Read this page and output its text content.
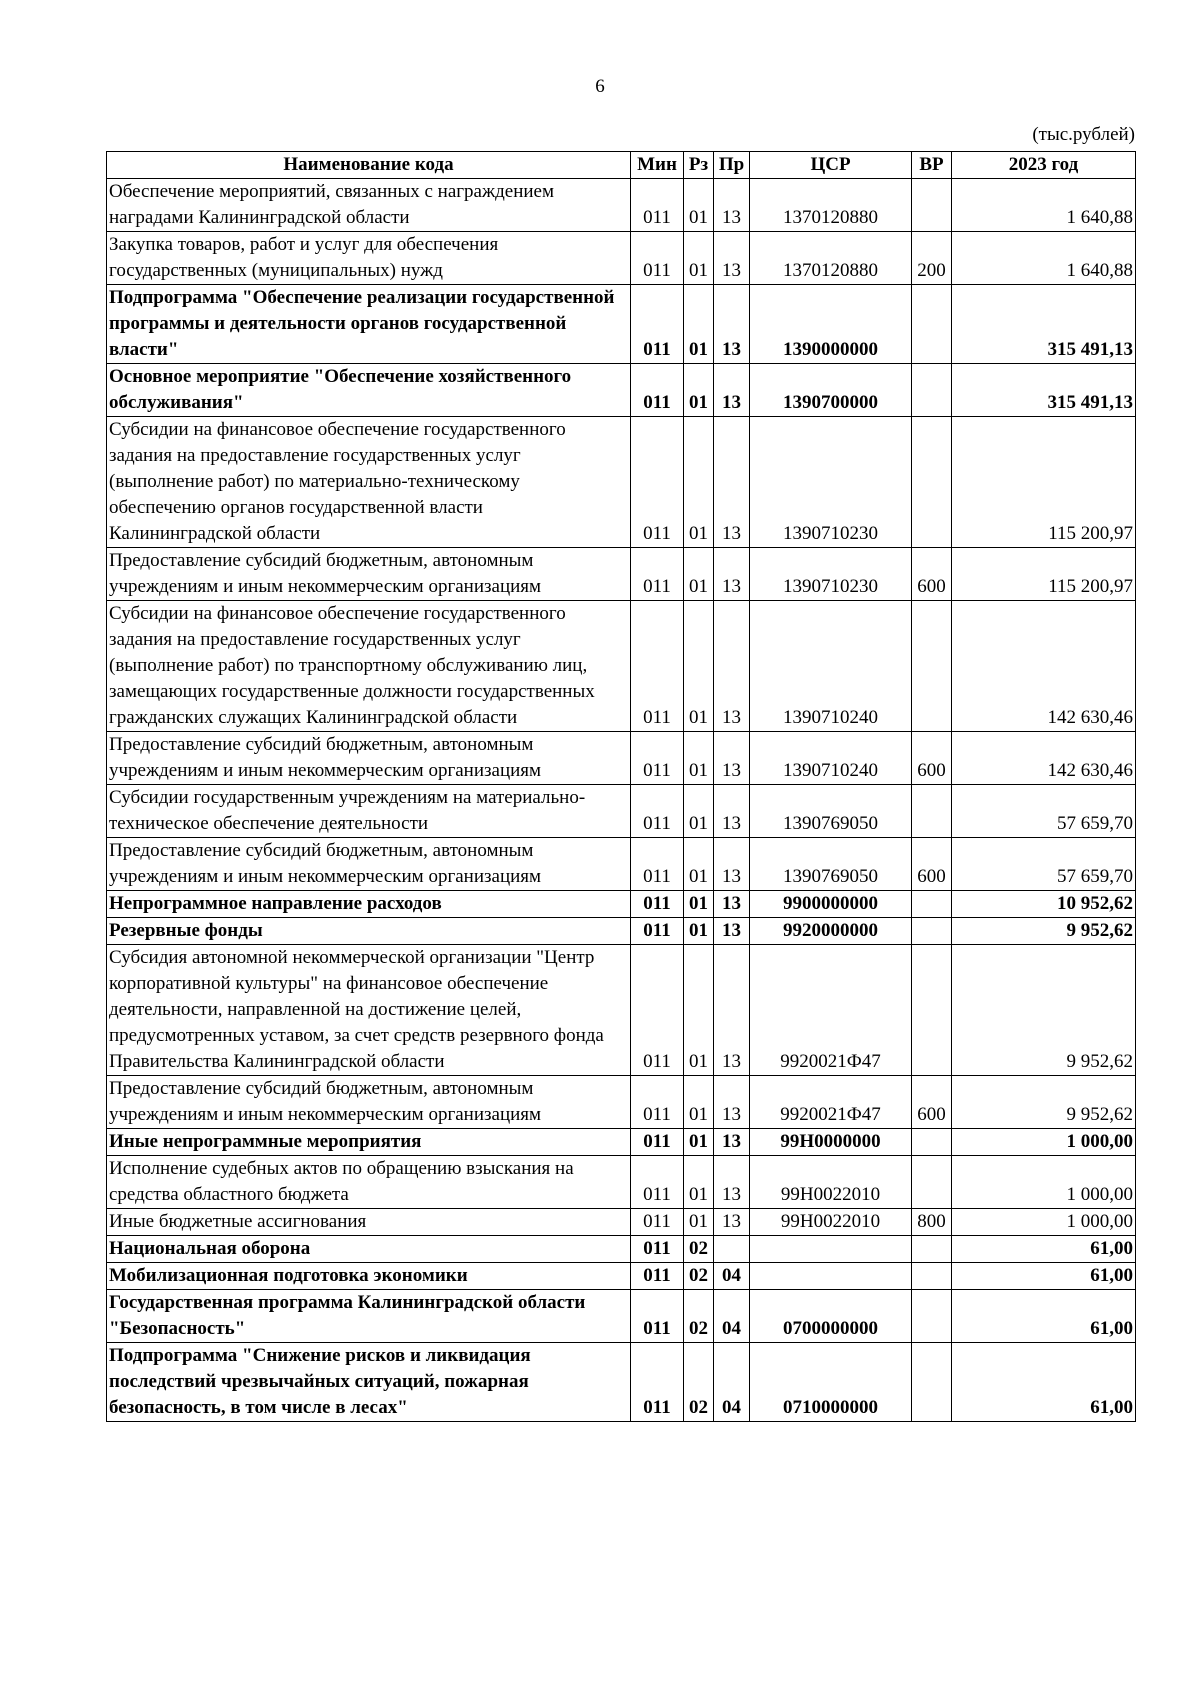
6
(тыс.рублей)
Наименование кода	Мин	Рз	Пр	ЦСР	ВР	2023 год
Обеспечение мероприятий, связанных с награждением наградами Калининградской области	011	01	13	1370120880		1 640,88
Закупка товаров, работ и услуг для обеспечения государственных (муниципальных) нужд	011	01	13	1370120880	200	1 640,88
Подпрограмма "Обеспечение реализации государственной программы и деятельности органов государственной власти"	011	01	13	1390000000		315 491,13
Основное мероприятие "Обеспечение хозяйственного обслуживания"	011	01	13	1390700000		315 491,13
Субсидии на финансовое обеспечение государственного задания на предоставление государственных услуг (выполнение работ) по материально-техническому обеспечению органов государственной власти Калининградской области	011	01	13	1390710230		115 200,97
Предоставление субсидий бюджетным, автономным учреждениям и иным некоммерческим организациям	011	01	13	1390710230	600	115 200,97
Субсидии на финансовое обеспечение государственного задания на предоставление государственных услуг (выполнение работ) по транспортному обслуживанию лиц, замещающих государственные должности государственных гражданских служащих Калининградской области	011	01	13	1390710240		142 630,46
Предоставление субсидий бюджетным, автономным учреждениям и иным некоммерческим организациям	011	01	13	1390710240	600	142 630,46
Субсидии государственным учреждениям на материально-техническое обеспечение деятельности	011	01	13	1390769050		57 659,70
Предоставление субсидий бюджетным, автономным учреждениям и иным некоммерческим организациям	011	01	13	1390769050	600	57 659,70
Непрограммное направление расходов	011	01	13	9900000000		10 952,62
Резервные фонды	011	01	13	9920000000		9 952,62
Субсидия автономной некоммерческой организации "Центр корпоративной культуры" на финансовое обеспечение деятельности, направленной на достижение целей, предусмотренных уставом, за счет средств резервного фонда Правительства Калининградской области	011	01	13	9920021Ф47		9 952,62
Предоставление субсидий бюджетным, автономным учреждениям и иным некоммерческим организациям	011	01	13	9920021Ф47	600	9 952,62
Иные непрограммные мероприятия	011	01	13	99Н0000000		1 000,00
Исполнение судебных актов по обращению взыскания на средства областного бюджета	011	01	13	99Н0022010		1 000,00
Иные бюджетные ассигнования	011	01	13	99Н0022010	800	1 000,00
Национальная оборона	011	02				61,00
Мобилизационная подготовка экономики	011	02	04			61,00
Государственная программа Калининградской области "Безопасность"	011	02	04	0700000000		61,00
Подпрограмма "Снижение рисков и ликвидация последствий чрезвычайных ситуаций, пожарная безопасность, в том числе в лесах"	011	02	04	0710000000		61,00
